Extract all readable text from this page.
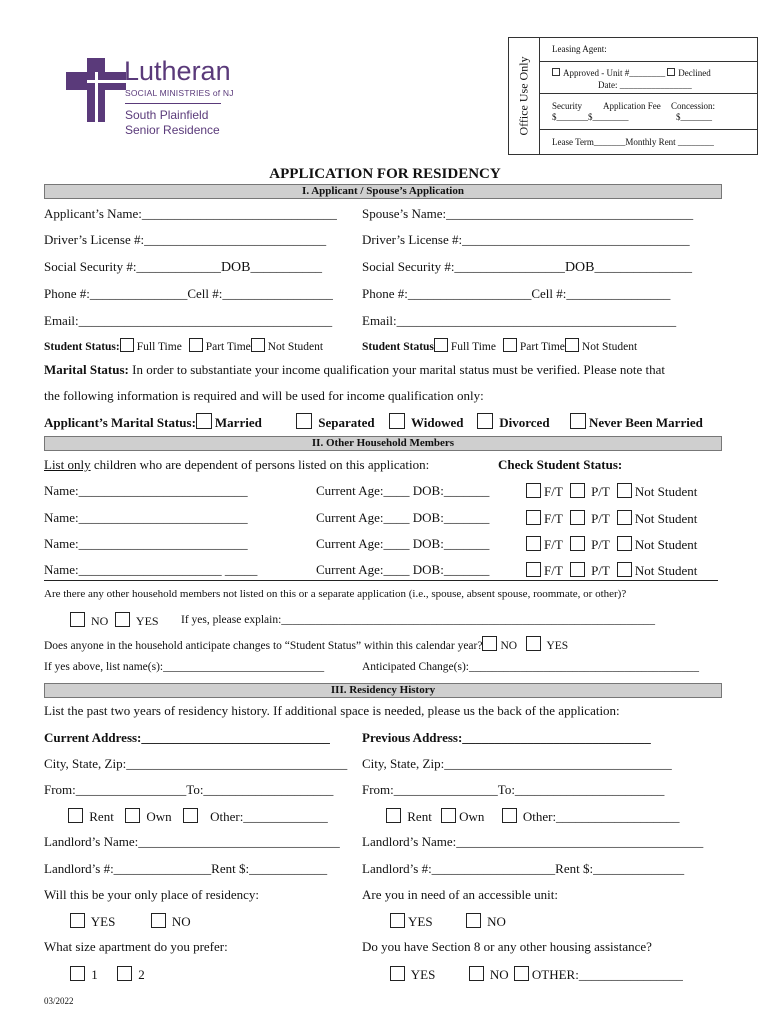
Lutheran
SOCIAL MINISTRIES of NJ
South Plainfield
Senior Residence	Office Use Only
Leasing Agent:
Approved - Unit #________ Declined
Date: ________________
Security Application Fee Concession:
$_______$________	$_______
Lease Term_______Monthly Rent ________
APPLICATION FOR RESIDENCY
I. Applicant / Spouse’s Application
Applicant’s Name:______________________________ Spouse’s Name:______________________________________
Driver’s License #:____________________________	Driver’s License #:___________________________________
Social Security #:_____________DOB___________	Social Security #:_________________DOB_______________
Phone #:_______________Cell #:_________________ Phone #:___________________Cell #:________________
Email:_______________________________________ Email:___________________________________________
Student Status: Full Time Part Time Not Student	Student Status Full Time Part Time Not Student
Marital Status: In order to substantiate your income qualification your marital status must be verified. Please note that
the following information is required and will be used for income qualification only:
Applicant’s Marital Status: Married	Separated	Widowed	Divorced	Never Been Married
II. Other Household Members
List only children who are dependent of persons listed on this application:	Check Student Status:
Name:__________________________	Current Age:____ DOB:_______	F/T P/T Not Student
Name:__________________________	Current Age:____ DOB:_______	F/T P/T Not Student
Name:__________________________	Current Age:____ DOB:_______	F/T P/T Not Student
Name:______________________ _____	Current Age:____ DOB:_______	F/T P/T Not Student
Are there any other household members not listed on this or a separate application (i.e., spouse, absent spouse, roommate, or other)?
NO YES If yes, please explain:_________________________________________________________________
Does anyone in the household anticipate changes to “Student Status” within this calendar year? NO	YES
If yes above, list name(s):____________________________	Anticipated Change(s):________________________________________
III. Residency History
List the past two years of residency history. If additional space is needed, please us the back of the application:
Current Address:_____________________________ Previous Address:_____________________________
City, State, Zip:__________________________________ City, State, Zip:___________________________________
From:_________________To:____________________ From:________________To:_______________________
Rent	Own	Other:_____________	Rent Own	Other:___________________
Landlord’s Name:_______________________________ Landlord’s Name:______________________________________
Landlord’s #:_______________Rent $:____________	Landlord’s #:___________________Rent $:______________
Will this be your only place of residency:	Are you in need of an accessible unit:
YES	NO	YES	NO
What size apartment do you prefer:	Do you have Section 8 or any other housing assistance?
1	2	YES	NO OTHER:________________
03/2022
